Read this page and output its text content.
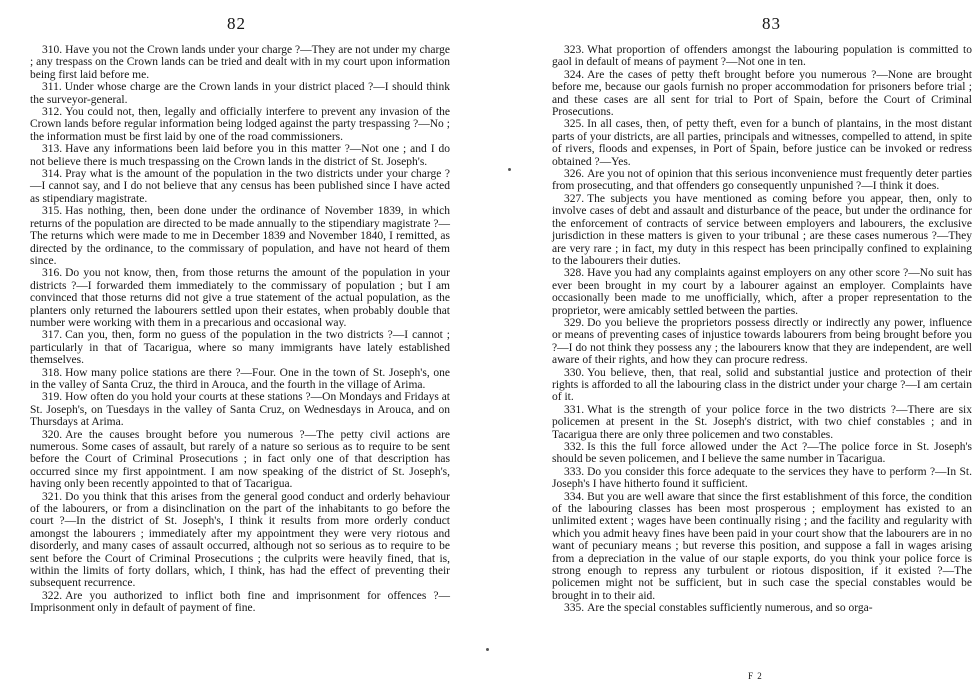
82

310. Have you not the Crown lands under your charge ?—They are not under my charge ; any trespass on the Crown lands can be tried and dealt with in my court upon information being first laid before me.

311. Under whose charge are the Crown lands in your district placed ?—I should think the surveyor-general.

312. You could not, then, legally and officially interfere to prevent any invasion of the Crown lands before regular information being lodged against the party trespassing ?—No ; the information must be first laid by one of the road commissioners.

313. Have any informations been laid before you in this matter ?—Not one ; and I do not believe there is much trespassing on the Crown lands in the district of St. Joseph's.

314. Pray what is the amount of the population in the two districts under your charge ?—I cannot say, and I do not believe that any census has been published since I have acted as stipendiary magistrate.

315. Has nothing, then, been done under the ordinance of November 1839, in which returns of the population are directed to be made annually to the stipendiary magistrate ?—The returns which were made to me in December 1839 and November 1840, I remitted, as directed by the ordinance, to the commissary of population, and have not heard of them since.

316. Do you not know, then, from those returns the amount of the population in your districts ?—I forwarded them immediately to the commissary of population ; but I am convinced that those returns did not give a true statement of the actual population, as the planters only returned the labourers settled upon their estates, when probably double that number were working with them in a precarious and occasional way.

317. Can you, then, form no guess of the population in the two districts ?—I cannot ; particularly in that of Tacarigua, where so many immigrants have lately established themselves.

318. How many police stations are there ?—Four. One in the town of St. Joseph's, one in the valley of Santa Cruz, the third in Arouca, and the fourth in the village of Arima.

319. How often do you hold your courts at these stations ?—On Mondays and Fridays at St. Joseph's, on Tuesdays in the valley of Santa Cruz, on Wednesdays in Arouca, and on Thursdays at Arima.

320. Are the causes brought before you numerous ?—The petty civil actions are numerous. Some cases of assault, but rarely of a nature so serious as to require to be sent before the Court of Criminal Prosecutions ; in fact only one of that description has occurred since my first appointment. I am now speaking of the district of St. Joseph's, having only been recently appointed to that of Tacarigua.

321. Do you think that this arises from the general good conduct and orderly behaviour of the labourers, or from a disinclination on the part of the inhabitants to go before the court ?—In the district of St. Joseph's, I think it results from more orderly conduct amongst the labourers ; immediately after my appointment they were very riotous and disorderly, and many cases of assault occurred, although not so serious as to require to be sent before the Court of Criminal Prosecutions ; the culprits were heavily fined, that is, within the limits of forty dollars, which, I think, has had the effect of preventing their subsequent recurrence.

322. Are you authorized to inflict both fine and imprisonment for offences ?—Imprisonment only in default of payment of fine.

83

323. What proportion of offenders amongst the labouring population is committed to gaol in default of means of payment ?—Not one in ten.

324. Are the cases of petty theft brought before you numerous ?—None are brought before me, because our gaols furnish no proper accommodation for prisoners before trial ; and these cases are all sent for trial to Port of Spain, before the Court of Criminal Prosecutions.

325. In all cases, then, of petty theft, even for a bunch of plantains, in the most distant parts of your districts, are all parties, principals and witnesses, compelled to attend, in spite of rivers, floods and expenses, in Port of Spain, before justice can be invoked or redress obtained ?—Yes.

326. Are you not of opinion that this serious inconvenience must frequently deter parties from prosecuting, and that offenders go consequently unpunished ?—I think it does.

327. The subjects you have mentioned as coming before you appear, then, only to involve cases of debt and assault and disturbance of the peace, but under the ordinance for the enforcement of contracts of service between employers and labourers, the exclusive jurisdiction in these matters is given to your tribunal ; are these cases numerous ?—They are very rare ; in fact, my duty in this respect has been principally confined to explaining to the labourers their duties.

328. Have you had any complaints against employers on any other score ?—No suit has ever been brought in my court by a labourer against an employer. Complaints have occasionally been made to me unofficially, which, after a proper representation to the proprietor, were amicably settled between the parties.

329. Do you believe the proprietors possess directly or indirectly any power, influence or means of preventing cases of injustice towards labourers from being brought before you ?—I do not think they possess any ; the labourers know that they are independent, are well aware of their rights, and how they can procure redress.

330. You believe, then, that real, solid and substantial justice and protection of their rights is afforded to all the labouring class in the district under your charge ?—I am certain of it.

331. What is the strength of your police force in the two districts ?—There are six policemen at present in the St. Joseph's district, with two chief constables ; and in Tacarigua there are only three policemen and two constables.

332. Is this the full force allowed under the Act ?—The police force in St. Joseph's should be seven policemen, and I believe the same number in Tacarigua.

333. Do you consider this force adequate to the services they have to perform ?—In St. Joseph's I have hitherto found it sufficient.

334. But you are well aware that since the first establishment of this force, the condition of the labouring classes has been most prosperous ; employment has existed to an unlimited extent ; wages have been continually rising ; and the facility and regularity with which you admit heavy fines have been paid in your court show that the labourers are in no want of pecuniary means ; but reverse this position, and suppose a fall in wages arising from a depreciation in the value of our staple exports, do you think your police force is strong enough to repress any turbulent or riotous disposition, if it existed ?—The policemen might not be sufficient, but in such case the special constables would be brought in to their aid.

335. Are the special constables sufficiently numerous, and so orga-

F 2
